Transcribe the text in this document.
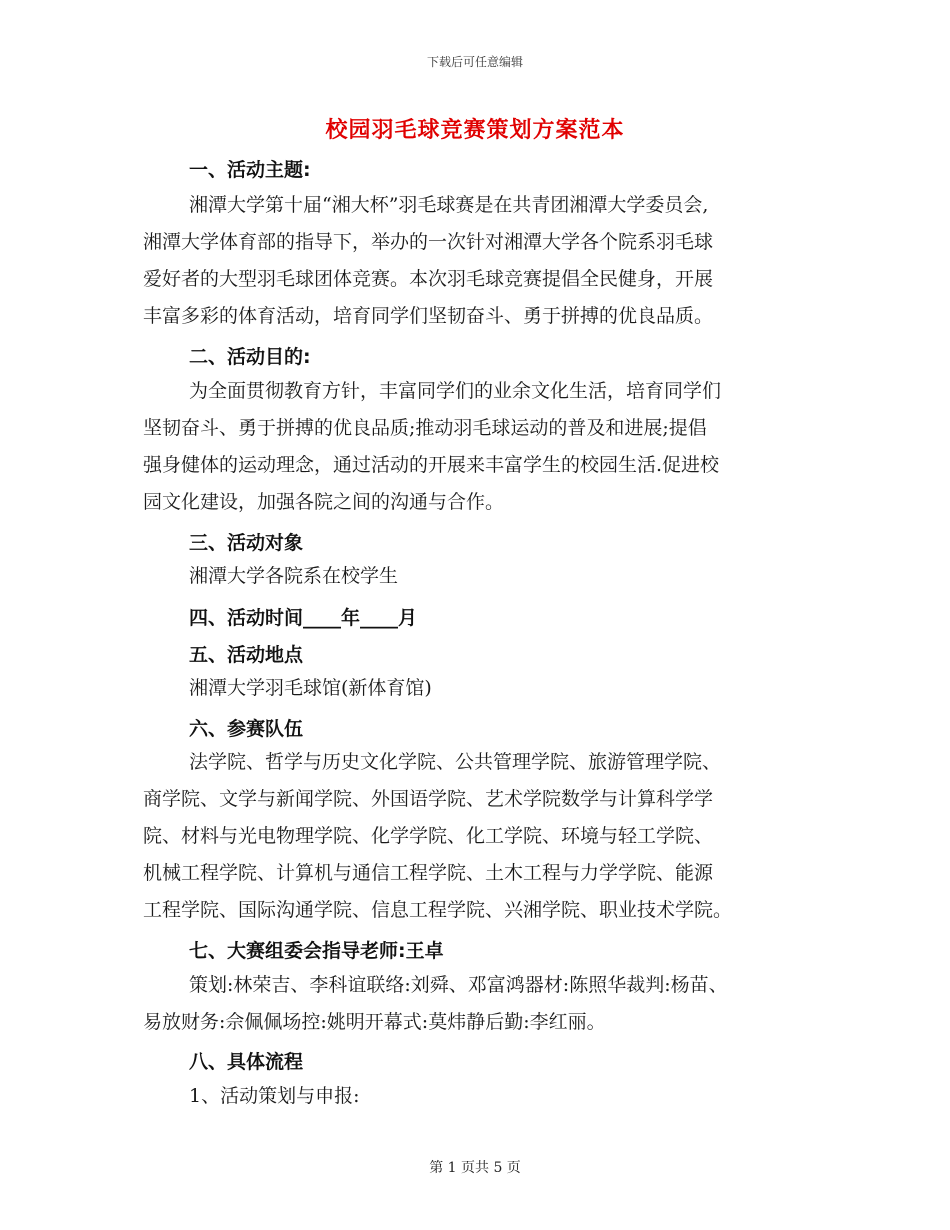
下载后可任意编辑
校园羽毛球竞赛策划方案范本
一、活动主题:
湘潭大学第十届“湘大杯”羽毛球赛是在共青团湘潭大学委员会,
湘潭大学体育部的指导下，举办的一次针对湘潭大学各个院系羽毛球
爱好者的大型羽毛球团体竞赛。本次羽毛球竞赛提倡全民健身，开展
丰富多彩的体育活动，培育同学们坚韧奋斗、勇于拼搏的优良品质。
二、活动目的:
为全面贯彻教育方针，丰富同学们的业余文化生活，培育同学们
坚韧奋斗、勇于拼搏的优良品质;推动羽毛球运动的普及和进展;提倡
强身健体的运动理念，通过活动的开展来丰富学生的校园生活.促进校
园文化建设，加强各院之间的沟通与合作。
三、活动对象
湘潭大学各院系在校学生
四、活动时间____年____月
五、活动地点
湘潭大学羽毛球馆(新体育馆)
六、参赛队伍
法学院、哲学与历史文化学院、公共管理学院、旅游管理学院、
商学院、文学与新闻学院、外国语学院、艺术学院数学与计算科学学
院、材料与光电物理学院、化学学院、化工学院、环境与轻工学院、
机械工程学院、计算机与通信工程学院、土木工程与力学学院、能源
工程学院、国际沟通学院、信息工程学院、兴湘学院、职业技术学院。
七、大赛组委会指导老师:王卓
策划:林荣吉、李科谊联络:刘舜、邓富鸿器材:陈照华裁判:杨苗、
易放财务:佘佩佩场控:姚明开幕式:莫炜静后勤:李红丽。
八、具体流程
1、活动策划与申报:
第 1 页共 5 页
